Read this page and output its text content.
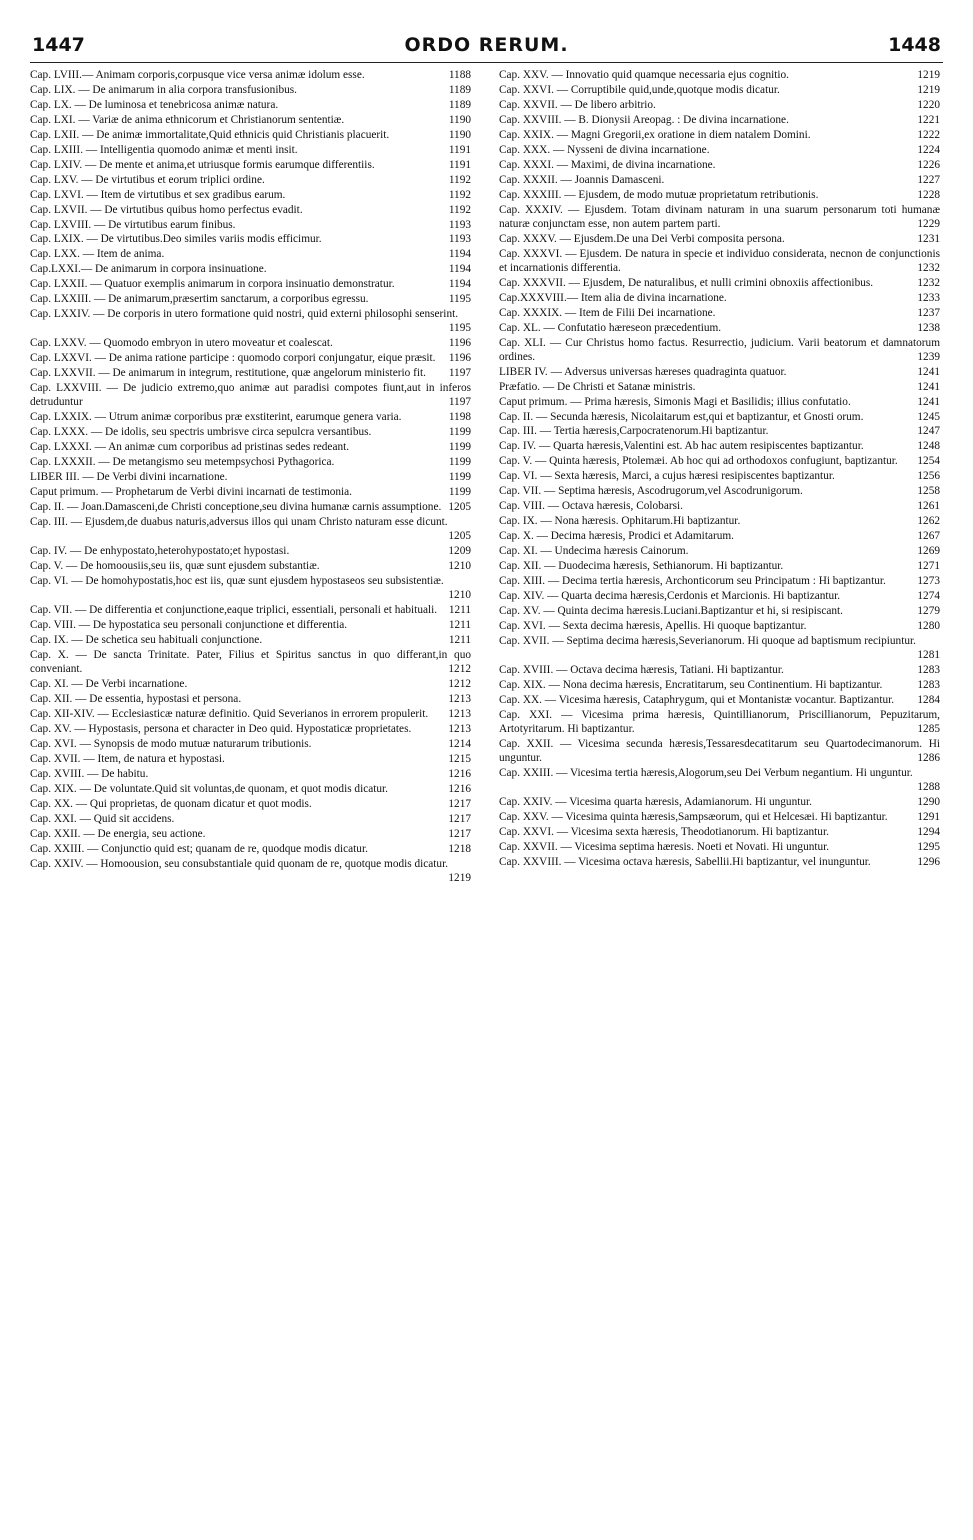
1447	ORDO RERUM.	1448
Cap. LVIII.— Animam corporis,corpusque vice versa animæ idolum esse.	1188
Cap. LIX. — De animarum in alia corpora transfusionibus.	1189
Cap. LX. — De luminosa et tenebricosa animæ natura.	1189
Cap. LXI. — Variæ de anima ethnicorum et Christianorum sententiæ.	1190
Cap. LXII. — De animæ immortalitate,Quid ethnicis quid Christianis placuerit.	1190
Cap. LXIII. — Intelligentia quomodo animæ et menti insit.	1191
Cap. LXIV. — De mente et anima,et utriusque formis earumque differentiis.	1191
Cap. LXV. — De virtutibus et eorum triplici ordine.	1192
Cap. LXVI. — Item de virtutibus et sex gradibus earum.	1192
Cap. LXVII. — De virtutibus quibus homo perfectus evadit.	1192
Cap. LXVIII. — De virtutibus earum finibus.	1193
Cap. LXIX. — De virtutibus.Deo similes variis modis efficimur.	1193
Cap. LXX. — Item de anima.	1194
Cap.LXXI.— De animarum in corpora insinuatione.	1194
Cap. LXXII. — Quatuor exemplis animarum in corpora insinuatio demonstratur.	1194
Cap. LXXIII. — De animarum,præsertim sanctarum, a corporibus egressu.	1195
Cap. LXXIV. — De corporis in utero formatione quid nostri, quid externi philosophi senserint.
1195
Cap. LXXV. — Quomodo embryon in utero moveatur et coalescat.	1196
Cap. LXXVI. — De anima ratione participe : quomodo corpori conjungatur, eique præsit. 1196
Cap. LXXVII. — De animarum in integrum, restitutione, quæ angelorum ministerio fit. 1197
Cap. LXXVIII. — De judicio extremo,quo animæ aut paradisi compotes fiunt,aut in inferos detruduntur	1197
Cap. LXXIX. — Utrum animæ corporibus præ exstiterint, earumque genera varia.	1198
Cap. LXXX. — De idolis, seu spectris umbrisve circa sepulcra versantibus.	1199
Cap. LXXXI. — An animæ cum corporibus ad pristinas sedes redeant.	1199
Cap. LXXXII. — De metangismo seu metempsychosi Pythagorica.	1199
LIBER III. — De Verbi divini incarnatione.	1199
Caput primum. — Prophetarum de Verbi divini incarnati de testimonia.	1199
Cap. II. — Joan.Damasceni,de Christi conceptione,seu divina humanæ carnis assumptione. 1205
Cap. III. — Ejusdem,de duabus naturis,adversus illos qui unam Christo naturam esse dicunt.
1205
Cap. IV. — De enhypostato,heterohypostato;et hypostasi.	1209
Cap. V. — De homoousiis,seu iis, quæ sunt ejusdem substantiæ.	1210
Cap. VI. — De homohypostatis,hoc est iis, quæ sunt ejusdem hypostaseos seu subsistentiæ.
1210
Cap. VII. — De differentia et conjunctione,eaque triplici, essentiali, personali et habituali. 1211
Cap. VIII. — De hypostatica seu personali conjunctione et differentia.	1211
Cap. IX. — De schetica seu habituali conjunctione.	1211
Cap. X. — De sancta Trinitate. Pater, Filius et Spiritus sanctus in quo differant,in quo conveniant.	1212
Cap. XI. — De Verbi incarnatione.	1212
Cap. XII. — De essentia, hypostasi et persona.	1213
Cap. XII-XIV. — Ecclesiasticæ naturæ definitio. Quid Severianos in errorem propulerit. 1213
Cap. XV. — Hypostasis, persona et character in Deo quid. Hypostaticæ proprietates.	1213
Cap. XVI. — Synopsis de modo mutuæ naturarum tributionis.	1214
Cap. XVII. — Item, de natura et hypostasi.	1215
Cap. XVIII. — De habitu.	1216
Cap. XIX. — De voluntate.Quid sit voluntas,de quonam, et quot modis dicatur.	1216
Cap. XX. — Qui proprietas, de quonam dicatur et quot modis.	1217
Cap. XXI. — Quid sit accidens.	1217
Cap. XXII. — De energia, seu actione.	1217
Cap. XXIII. — Conjunctio quid est; quanam de re, quodque modis dicatur.	1218
Cap. XXIV. — Homoousion, seu consubstantiale quid quonam de re, quotque modis dicatur.
1219
Cap. XXV. — Innovatio quid quamque necessaria ejus cognitio.	1219
Cap. XXVI. — Corruptibile quid,unde,quotque modis dicatur.	1219
Cap. XXVII. — De libero arbitrio.	1220
Cap. XXVIII. — B. Dionysii Areopag. : De divina incarnatione.	1221
Cap. XXIX. — Magni Gregorii,ex oratione in diem natalem Domini.	1222
Cap. XXX. — Nysseni de divina incarnatione.	1224
Cap. XXXI. — Maximi, de divina incarnatione.	1226
Cap. XXXII. — Joannis Damasceni.	1227
Cap. XXXIII. — Ejusdem, de modo mutuæ proprietatum retributionis.	1228
Cap. XXXIV. — Ejusdem. Totam divinam naturam in una suarum personarum toti humanæ naturæ conjunctam esse, non autem partem parti.	1229
Cap. XXXV. — Ejusdem.De una Dei Verbi composita persona.	1231
Cap. XXXVI. — Ejusdem. De natura in specie et individuo considerata, necnon de conjunctionis et incarnationis differentia.	1232
Cap. XXXVII. — Ejusdem, De naturalibus, et nulli crimini obnoxiis affectionibus.	1232
Cap.XXXVIII.— Item alia de divina incarnatione.	1233
Cap. XXXIX. — Item de Filii Dei incarnatione.	1237
Cap. XL. — Confutatio hæreseon præcedentium.	1238
Cap. XLI. — Cur Christus homo factus. Resurrectio, judicium. Varii beatorum et damnatorum ordines.	1239
LIBER IV. — Adversus universas hæreses quadraginta quatuor.	1241
Præfatio. — De Christi et Satanæ ministris.	1241
Caput primum. — Prima hæresis, Simonis Magi et Basilidis; illius confutatio.	1241
Cap. II. — Secunda hæresis, Nicolaitarum est,qui et baptizantur, et Gnosti orum.	1245
Cap. III. — Tertia hæresis,Carpocratenorum.Hi baptizantur.	1247
Cap. IV. — Quarta hæresis,Valentini est. Ab hac autem resipiscentes baptizantur.	1248
Cap. V. — Quinta hæresis, Ptolemæi. Ab hoc qui ad orthodoxos confugiunt, baptizantur. 1254
Cap. VI. — Sexta hæresis, Marci, a cujus hæresi resipiscentes baptizantur.	1256
Cap. VII. — Septima hæresis, Ascodrugorum,vel Ascodrunigorum.	1258
Cap. VIII. — Octava hæresis, Colobarsi.	1261
Cap. IX. — Nona hæresis. Ophitarum.Hi baptizantur.	1262
Cap. X. — Decima hæresis, Prodici et Adamitarum.	1267
Cap. XI. — Undecima hæresis Cainorum.	1269
Cap. XII. — Duodecima hæresis, Sethianorum. Hi baptizantur.	1271
Cap. XIII. — Decima tertia hæresis, Archonticorum seu Principatum : Hi baptizantur.	1273
Cap. XIV. — Quarta decima hæresis,Cerdonis et Marcionis. Hi baptizantur.	1274
Cap. XV. — Quinta decima hæresis.Luciani.Baptizantur et hi, si resipiscant.	1279
Cap. XVI. — Sexta decima hæresis, Apellis. Hi quoque baptizantur.	1280
Cap. XVII. — Septima decima hæresis,Severianorum. Hi quoque ad baptismum recipiuntur.
1281
Cap. XVIII. — Octava decima hæresis, Tatiani. Hi baptizantur.	1283
Cap. XIX. — Nona decima hæresis, Encratitarum, seu Continentium. Hi baptizantur.	1283
Cap. XX. — Vicesima hæresis, Cataphrygum, qui et Montanistæ vocantur. Baptizantur. 1284
Cap. XXI. — Vicesima prima hæresis, Quintillianorum, Priscillianorum, Pepuzitarum, Artotyritarum. Hi baptizantur.	1285
Cap. XXII. — Vicesima secunda hæresis,Tessaresdecatitarum seu Quartodecimanorum. Hi unguntur.	1286
Cap. XXIII. — Vicesima tertia hæresis,Alogorum,seu Dei Verbum negantium. Hi unguntur.
1288
Cap. XXIV. — Vicesima quarta hæresis, Adamianorum. Hi unguntur.	1290
Cap. XXV. — Vicesima quinta hæresis,Sampsæorum, qui et Helcesæi. Hi baptizantur.	1291
Cap. XXVI. — Vicesima sexta hæresis, Theodotianorum. Hi baptizantur.	1294
Cap. XXVII. — Vicesima septima hæresis. Noeti et Novati. Hi unguntur.	1295
Cap. XXVIII. — Vicesima octava hæresis, Sabellii.Hi baptizantur, vel inunguntur.	1296
